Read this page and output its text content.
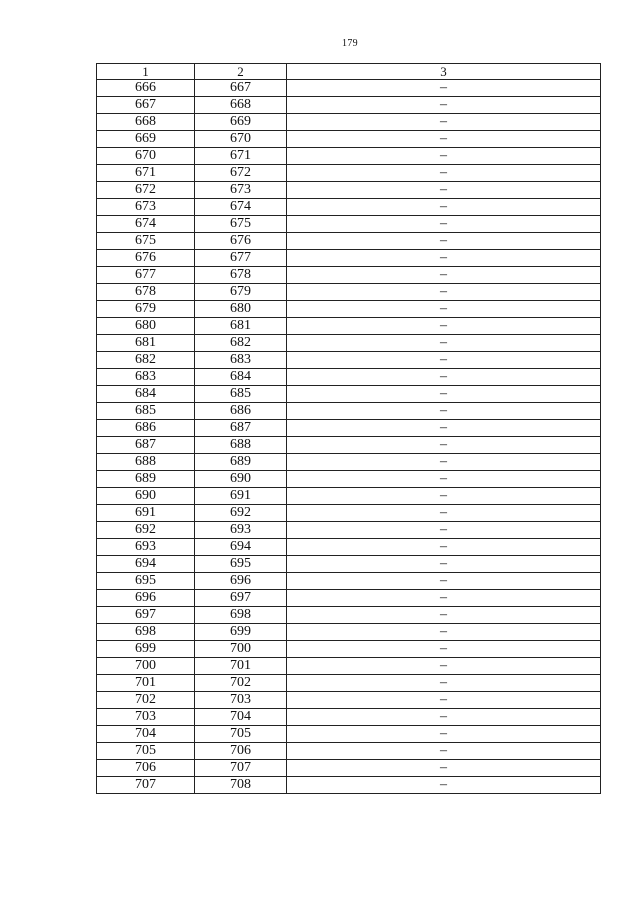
179
1	2	3
666	667	–
667	668	–
668	669	–
669	670	–
670	671	–
671	672	–
672	673	–
673	674	–
674	675	–
675	676	–
676	677	–
677	678	–
678	679	–
679	680	–
680	681	–
681	682	–
682	683	–
683	684	–
684	685	–
685	686	–
686	687	–
687	688	–
688	689	–
689	690	–
690	691	–
691	692	–
692	693	–
693	694	–
694	695	–
695	696	–
696	697	–
697	698	–
698	699	–
699	700	–
700	701	–
701	702	–
702	703	–
703	704	–
704	705	–
705	706	–
706	707	–
707	708	–
